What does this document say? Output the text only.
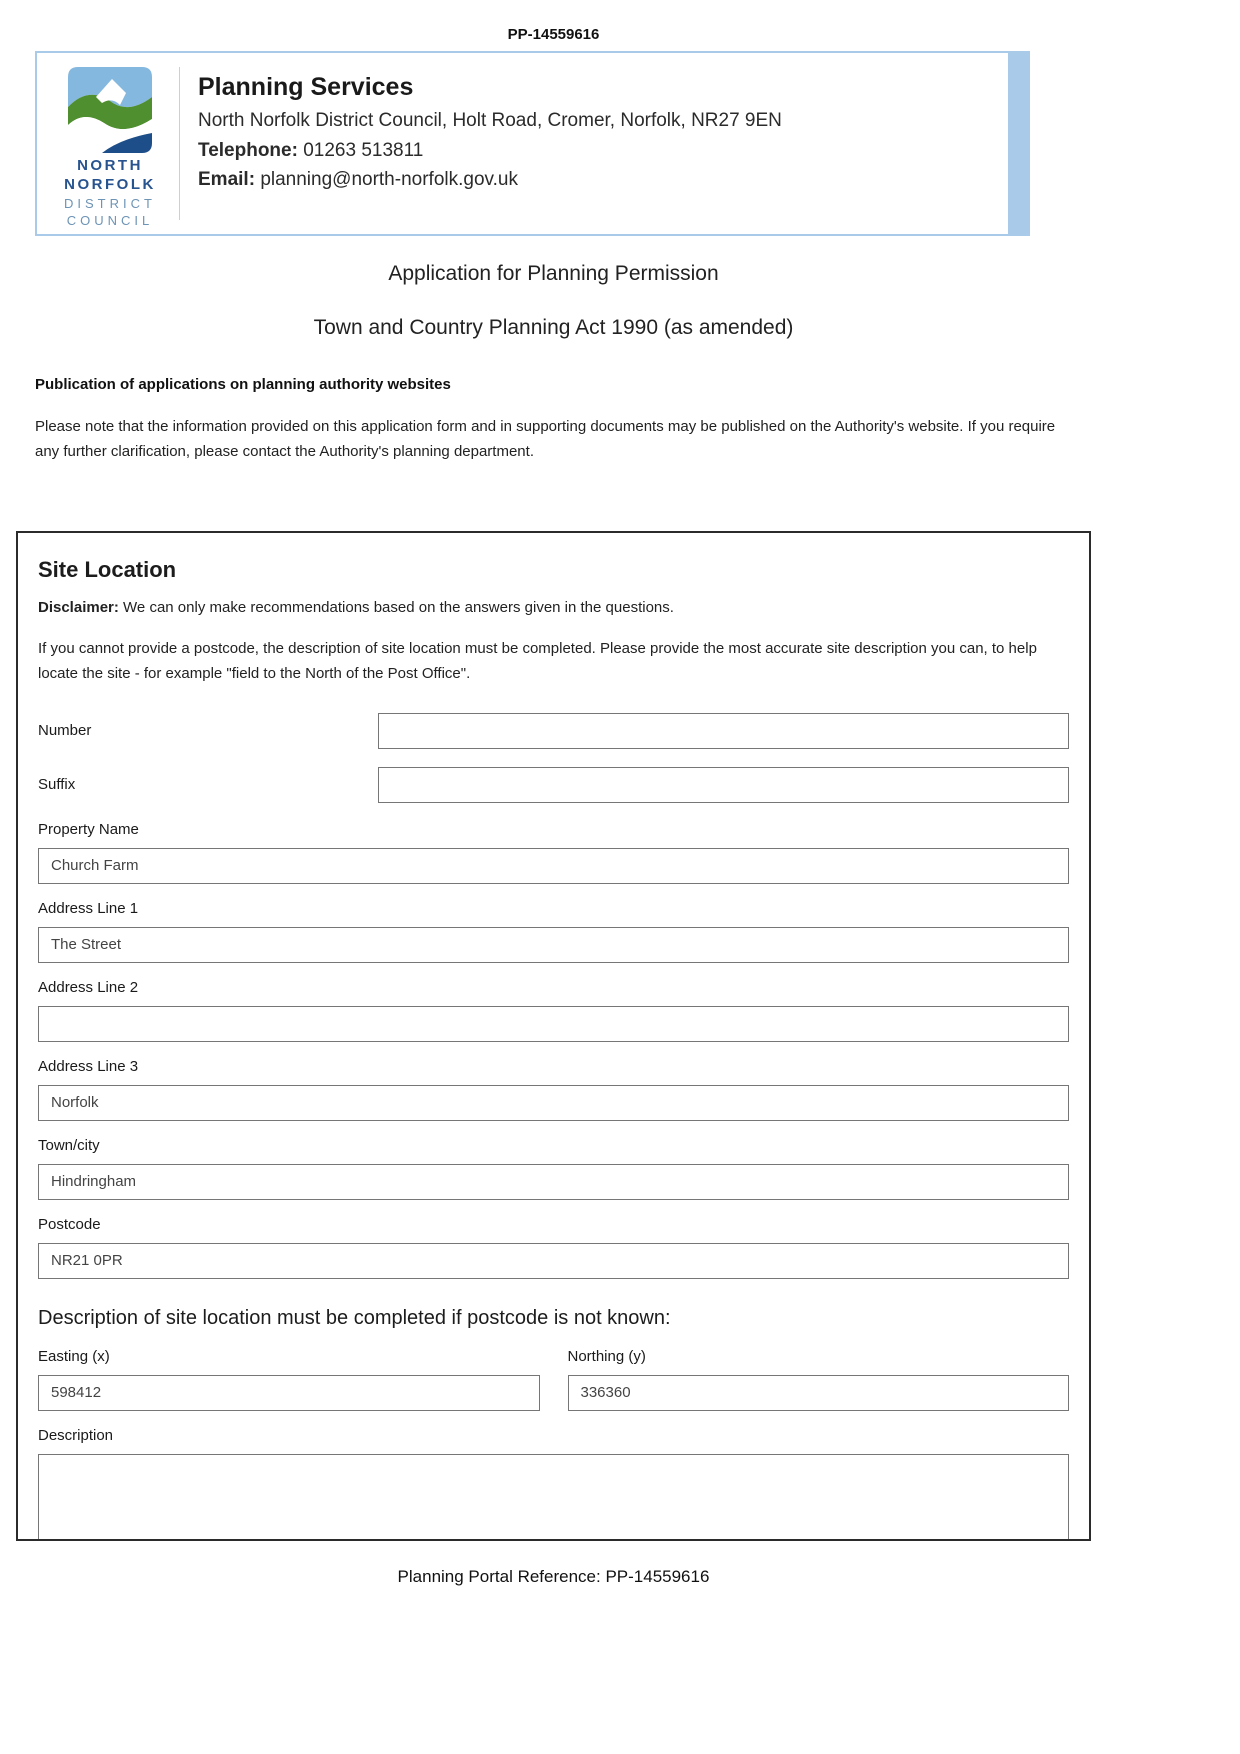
PP-14559616
NORTH
NORFOLK
DISTRICT
COUNCIL
Planning Services
North Norfolk District Council, Holt Road, Cromer, Norfolk, NR27 9EN
Telephone: 01263 513811
Email: planning@north-norfolk.gov.uk
Application for Planning Permission
Town and Country Planning Act 1990 (as amended)
Publication of applications on planning authority websites
Please note that the information provided on this application form and in supporting documents may be published on the Authority's website. If you require any further clarification, please contact the Authority's planning department.
Site Location
Disclaimer: We can only make recommendations based on the answers given in the questions.
If you cannot provide a postcode, the description of site location must be completed. Please provide the most accurate site description you can, to help locate the site - for example "field to the North of the Post Office".
Number
Suffix
Property Name
Church Farm
Address Line 1
The Street
Address Line 2
Address Line 3
Norfolk
Town/city
Hindringham
Postcode
NR21 0PR
Description of site location must be completed if postcode is not known:
Easting (x)
598412	Northing (y)
336360
Description
Planning Portal Reference: PP-14559616
